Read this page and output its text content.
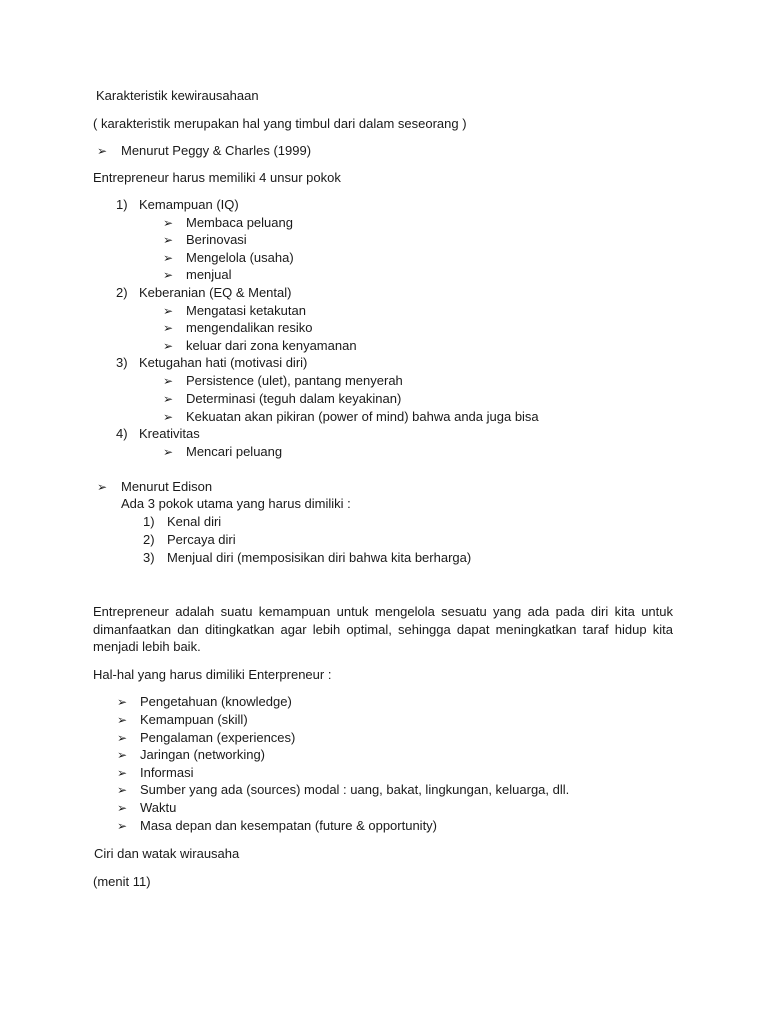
Karakteristik kewirausahaan
( karakteristik merupakan hal yang timbul dari dalam seseorang )
➢ Menurut Peggy & Charles (1999)
Entrepreneur harus memiliki 4 unsur pokok
1) Kemampuan (IQ)
➢ Membaca peluang
➢ Berinovasi
➢ Mengelola (usaha)
➢ menjual
2) Keberanian (EQ & Mental)
➢ Mengatasi ketakutan
➢ mengendalikan resiko
➢ keluar dari zona kenyamanan
3) Ketugahan hati (motivasi diri)
➢ Persistence (ulet), pantang menyerah
➢ Determinasi (teguh dalam keyakinan)
➢ Kekuatan akan pikiran (power of mind) bahwa anda juga bisa
4) Kreativitas
➢ Mencari peluang
➢ Menurut Edison
Ada 3 pokok utama yang harus dimiliki :
1) Kenal diri
2) Percaya diri
3) Menjual diri (memposisikan diri bahwa kita berharga)
Entrepreneur adalah suatu kemampuan untuk mengelola sesuatu yang ada pada diri kita untuk dimanfaatkan dan ditingkatkan agar lebih optimal, sehingga dapat meningkatkan taraf hidup kita menjadi lebih baik.
Hal-hal yang harus dimiliki Enterpreneur :
➢ Pengetahuan (knowledge)
➢ Kemampuan (skill)
➢ Pengalaman (experiences)
➢ Jaringan (networking)
➢ Informasi
➢ Sumber yang ada (sources) modal : uang, bakat, lingkungan, keluarga, dll.
➢ Waktu
➢ Masa depan dan kesempatan (future & opportunity)
Ciri dan watak wirausaha
(menit 11)
